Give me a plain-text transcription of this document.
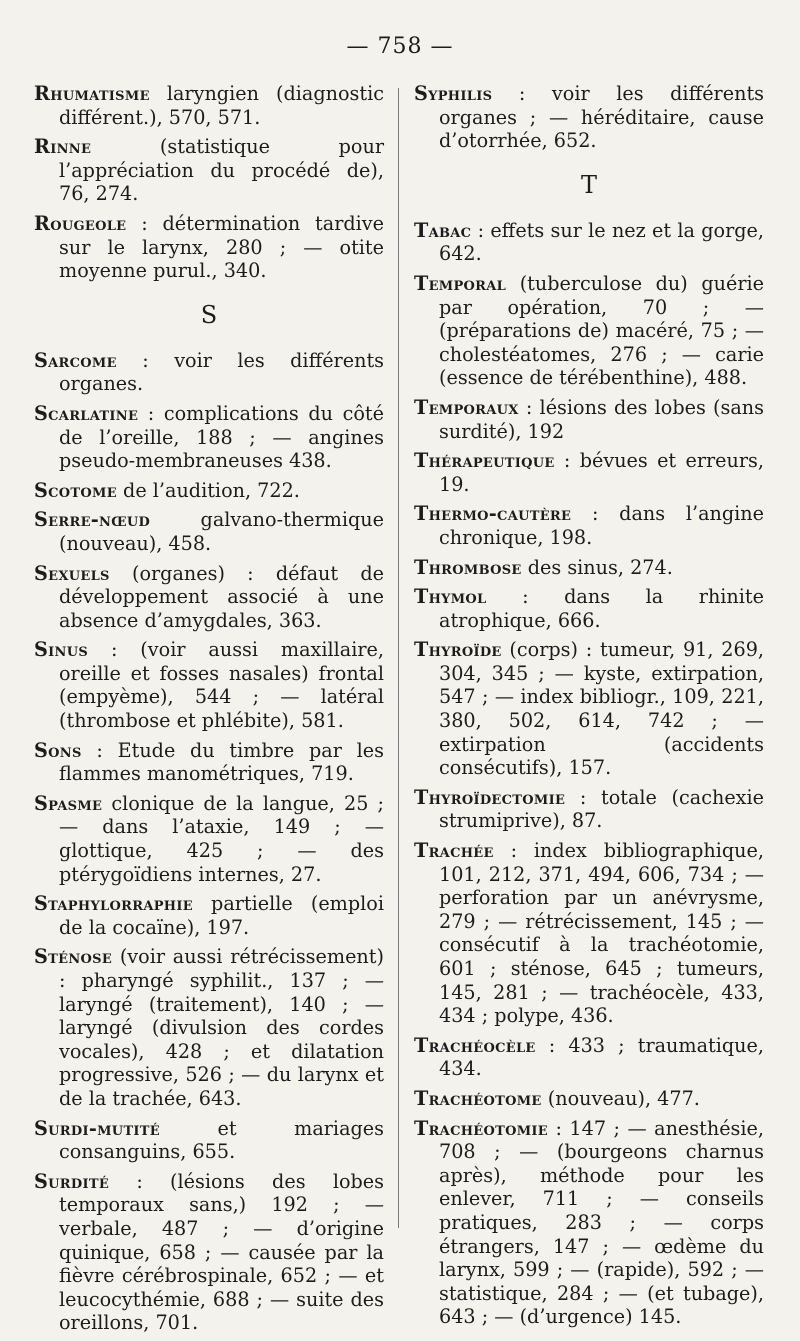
— 758 —

Rhumatisme laryngien (diagnostic différent.), 570, 571.

Rinne (statistique pour l’appréciation du procédé de), 76, 274.

Rougeole : détermination tardive sur le larynx, 280 ; — otite moyenne purul., 340.

S

Sarcome : voir les différents organes.

Scarlatine : complications du côté de l’oreille, 188 ; — angines pseudo-membraneuses 438.

Scotome de l’audition, 722.

Serre-nœud galvano-thermique (nouveau), 458.

Sexuels (organes) : défaut de développement associé à une absence d’amygdales, 363.

Sinus : (voir aussi maxillaire, oreille et fosses nasales) frontal (empyème), 544 ; — latéral (thrombose et phlébite), 581.

Sons : Etude du timbre par les flammes manométriques, 719.

Spasme clonique de la langue, 25 ; — dans l’ataxie, 149 ; — glottique, 425 ; — des ptérygoïdiens internes, 27.

Staphylorraphie partielle (emploi de la cocaïne), 197.

Sténose (voir aussi rétrécissement) : pharyngé syphilit., 137 ; — laryngé (traitement), 140 ; — laryngé (divulsion des cordes vocales), 428 ; et dilatation progressive, 526 ; — du larynx et de la trachée, 643.

Surdi-mutité et mariages consanguins, 655.

Surdité : (lésions des lobes temporaux sans,) 192 ; — verbale, 487 ; — d’origine quinique, 658 ; — causée par la fièvre cérébrospinale, 652 ; — et leucocythémie, 688 ; — suite des oreillons, 701.

Syphilis : voir les différents organes ; — héréditaire, cause d’otorrhée, 652.

T

Tabac : effets sur le nez et la gorge, 642.

Temporal (tuberculose du) guérie par opération, 70 ; — (préparations de) macéré, 75 ; — cholestéatomes, 276 ; — carie (essence de térébenthine), 488.

Temporaux : lésions des lobes (sans surdité), 192

Thérapeutique : bévues et erreurs, 19.

Thermo-cautère : dans l’angine chronique, 198.

Thrombose des sinus, 274.

Thymol : dans la rhinite atrophique, 666.

Thyroïde (corps) : tumeur, 91, 269, 304, 345 ; — kyste, extirpation, 547 ; — index bibliogr., 109, 221, 380, 502, 614, 742 ; — extirpation (accidents consécutifs), 157.

Thyroïdectomie : totale (cachexie strumiprive), 87.

Trachée : index bibliographique, 101, 212, 371, 494, 606, 734 ; — perforation par un anévrysme, 279 ; — rétrécissement, 145 ; — consécutif à la trachéotomie, 601 ; sténose, 645 ; tumeurs, 145, 281 ; — trachéocèle, 433, 434 ; polype, 436.

Trachéocèle : 433 ; traumatique, 434.

Trachéotome (nouveau), 477.

Trachéotomie : 147 ; — anesthésie, 708 ; — (bourgeons charnus après), méthode pour les enlever, 711 ; — conseils pratiques, 283 ; — corps étrangers, 147 ; — œdème du larynx, 599 ; — (rapide), 592 ; — statistique, 284 ; — (et tubage), 643 ; — (d’urgence) 145.
